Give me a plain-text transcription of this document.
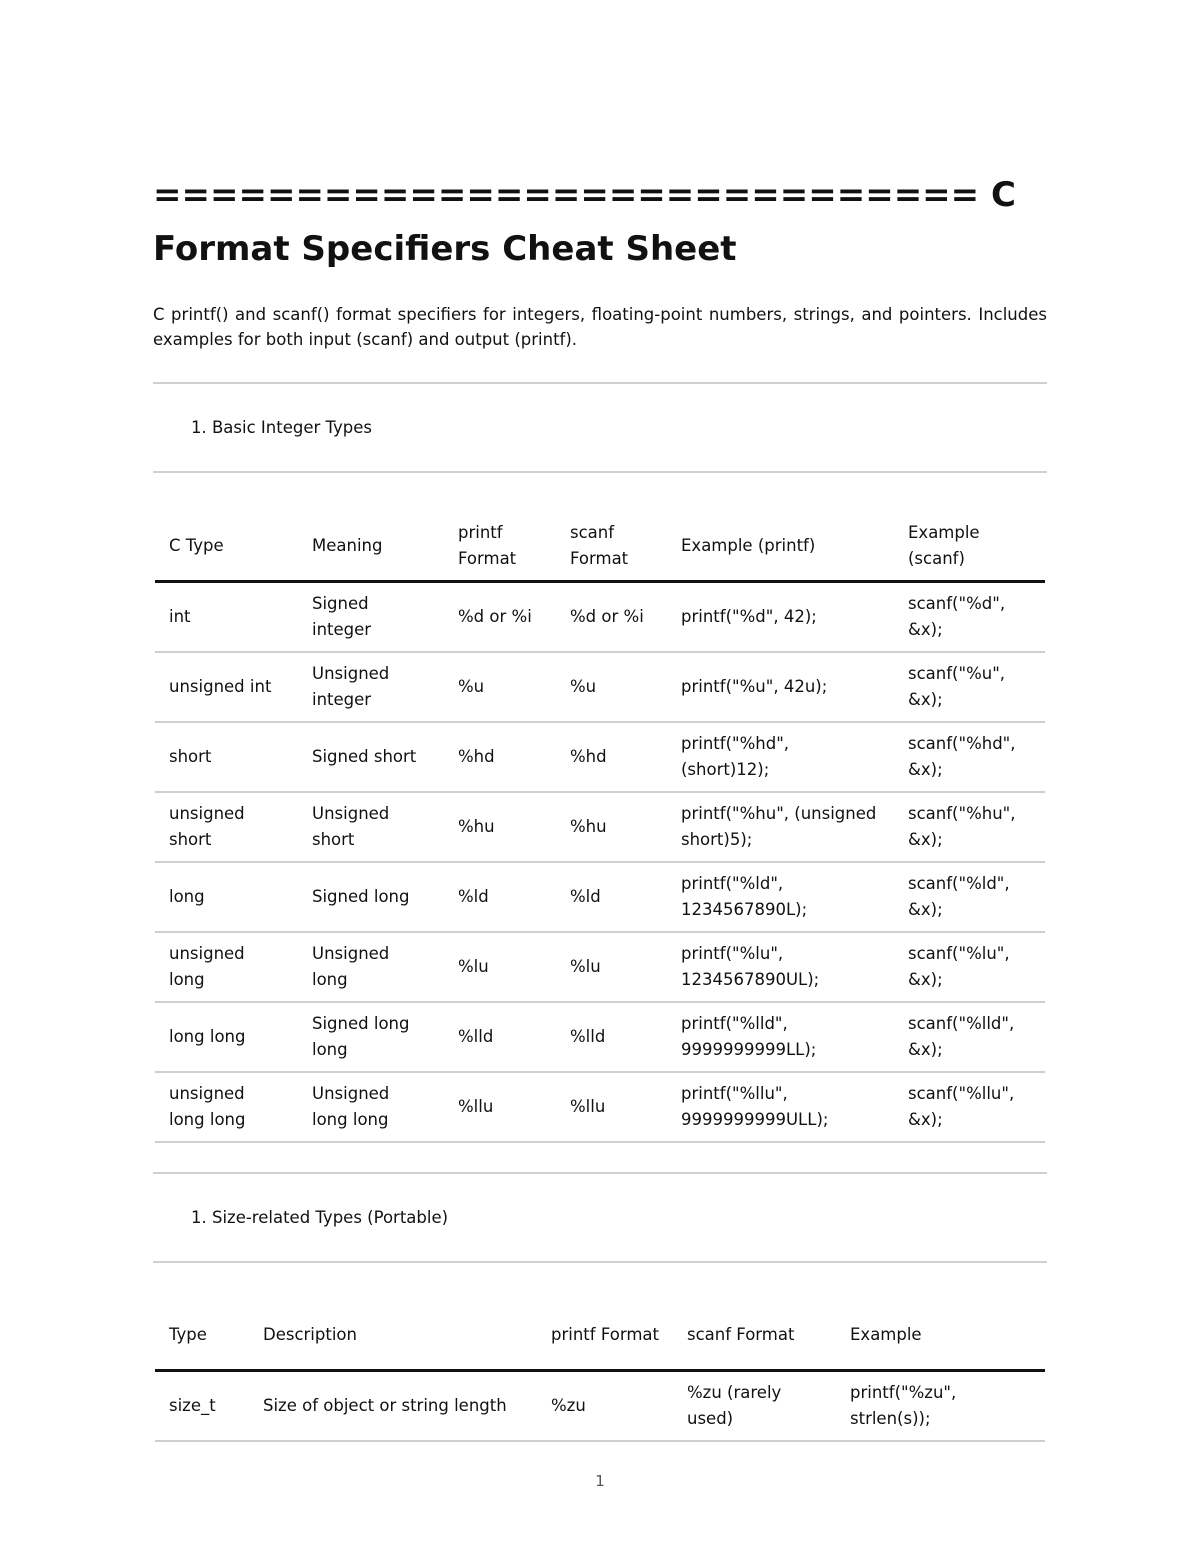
============================= C Format Specifiers Cheat Sheet

C printf() and scanf() format specifiers for integers, floating-point numbers, strings, and pointers. Includes examples for both input (scanf) and output (printf).

1. Basic Integer Types

C Type	Meaning	printf Format	scanf Format	Example (printf)	Example (scanf)
int	Signed integer	%d or %i	%d or %i	printf("%d", 42);	scanf("%d", &x);
unsigned int	Unsigned integer	%u	%u	printf("%u", 42u);	scanf("%u", &x);
short	Signed short	%hd	%hd	printf("%hd", (short)12);	scanf("%hd", &x);
unsigned short	Unsigned short	%hu	%hu	printf("%hu", (unsigned short)5);	scanf("%hu", &x);
long	Signed long	%ld	%ld	printf("%ld", 1234567890L);	scanf("%ld", &x);
unsigned long	Unsigned long	%lu	%lu	printf("%lu", 1234567890UL);	scanf("%lu", &x);
long long	Signed long long	%lld	%lld	printf("%lld", 9999999999LL);	scanf("%lld", &x);
unsigned long long	Unsigned long long	%llu	%llu	printf("%llu", 9999999999ULL);	scanf("%llu", &x);

1. Size-related Types (Portable)

Type	Description	printf Format	scanf Format	Example
size_t	Size of object or string length	%zu	%zu (rarely used)	printf("%zu", strlen(s));
1
